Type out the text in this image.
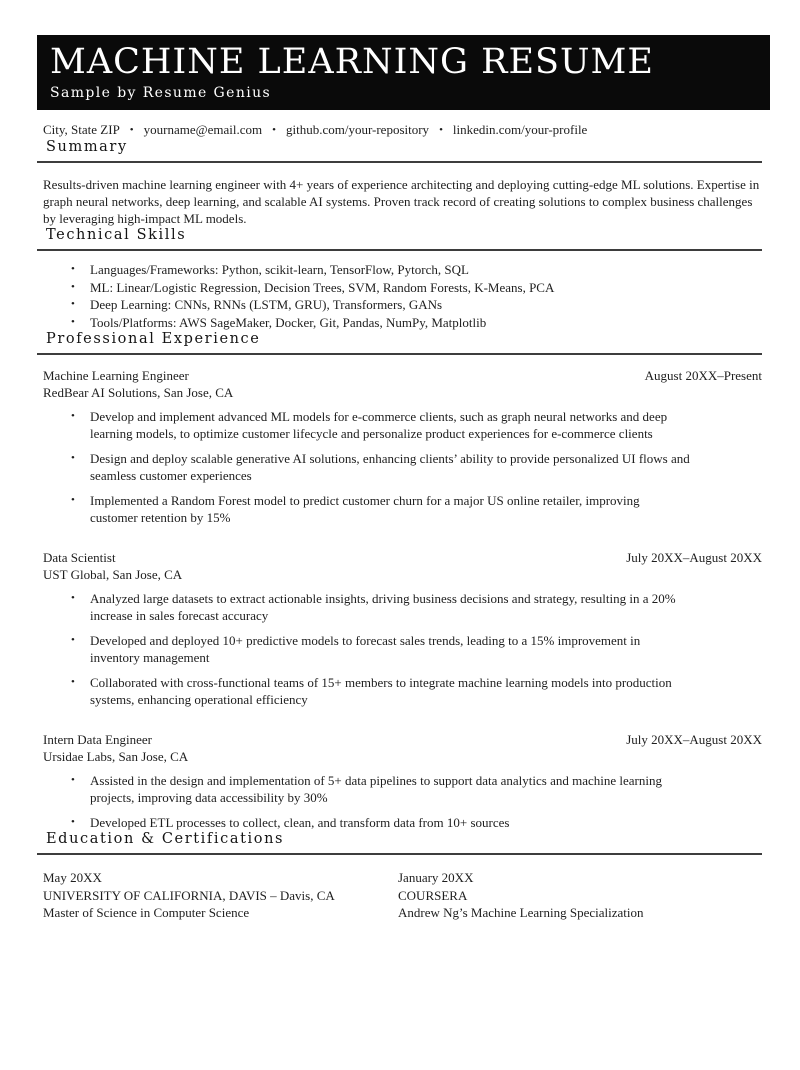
MACHINE LEARNING RESUME
Sample by Resume Genius
City, State ZIP • yourname@email.com • github.com/your-repository • linkedin.com/your-profile
Summary

Results-driven machine learning engineer with 4+ years of experience architecting and deploying cutting-edge ML solutions. Expertise in graph neural networks, deep learning, and scalable AI systems. Proven track record of creating solutions to complex business challenges by leveraging high-impact ML models.

Technical Skills
• Languages/Frameworks: Python, scikit-learn, TensorFlow, Pytorch, SQL
• ML: Linear/Logistic Regression, Decision Trees, SVM, Random Forests, K-Means, PCA
• Deep Learning: CNNs, RNNs (LSTM, GRU), Transformers, GANs
• Tools/Platforms: AWS SageMaker, Docker, Git, Pandas, NumPy, Matplotlib
Professional Experience
Machine Learning Engineer	August 20XX–Present
RedBear AI Solutions, San Jose, CA
• Develop and implement advanced ML models for e-commerce clients, such as graph neural networks and deep learning models, to optimize customer lifecycle and personalize product experiences for e-commerce clients
• Design and deploy scalable generative AI solutions, enhancing clients’ ability to provide personalized UI flows and seamless customer experiences
• Implemented a Random Forest model to predict customer churn for a major US online retailer, improving customer retention by 15%
Data Scientist	July 20XX–August 20XX
UST Global, San Jose, CA
• Analyzed large datasets to extract actionable insights, driving business decisions and strategy, resulting in a 20% increase in sales forecast accuracy
• Developed and deployed 10+ predictive models to forecast sales trends, leading to a 15% improvement in inventory management
• Collaborated with cross-functional teams of 15+ members to integrate machine learning models into production systems, enhancing operational efficiency
Intern Data Engineer	July 20XX–August 20XX
Ursidae Labs, San Jose, CA
• Assisted in the design and implementation of 5+ data pipelines to support data analytics and machine learning projects, improving data accessibility by 30%
• Developed ETL processes to collect, clean, and transform data from 10+ sources
Education & Certifications
May 20XX
UNIVERSITY OF CALIFORNIA, DAVIS – Davis, CA
Master of Science in Computer Science
January 20XX
COURSERA
Andrew Ng’s Machine Learning Specialization
